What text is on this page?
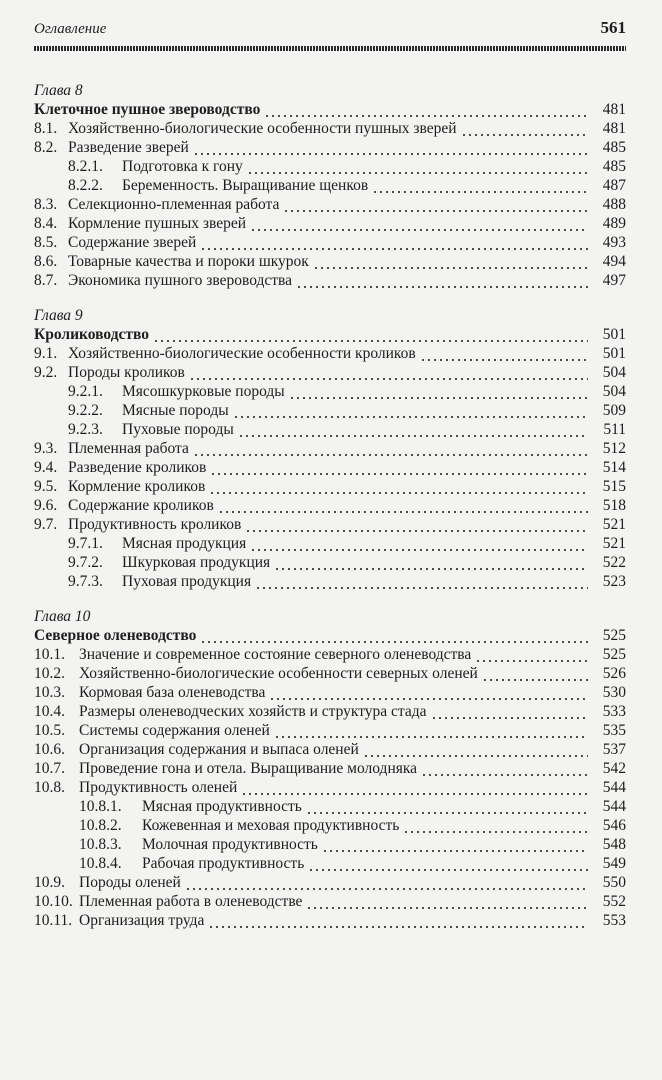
Оглавление	561
Глава 8
Клеточное пушное звероводство	481
8.1. Хозяйственно-биологические особенности пушных зверей	481
8.2. Разведение зверей	485
8.2.1.	Подготовка к гону	485
8.2.2.	Беременность. Выращивание щенков	487
8.3. Селекционно-племенная работа	488
8.4. Кормление пушных зверей	489
8.5. Содержание зверей	493
8.6. Товарные качества и пороки шкурок	494
8.7. Экономика пушного звероводства	497
Глава 9
Кролиководство	501
9.1. Хозяйственно-биологические особенности кроликов	501
9.2. Породы кроликов	504
9.2.1.	Мясошкурковые породы	504
9.2.2.	Мясные породы	509
9.2.3.	Пуховые породы	511
9.3. Племенная работа	512
9.4. Разведение кроликов	514
9.5. Кормление кроликов	515
9.6. Содержание кроликов	518
9.7. Продуктивность кроликов	521
9.7.1.	Мясная продукция	521
9.7.2.	Шкурковая продукция	522
9.7.3.	Пуховая продукция	523
Глава 10
Северное оленеводство	525
10.1. Значение и современное состояние северного оленеводства	525
10.2. Хозяйственно-биологические особенности северных оленей	526
10.3. Кормовая база оленеводства	530
10.4. Размеры оленеводческих хозяйств и структура стада	533
10.5. Системы содержания оленей	535
10.6. Организация содержания и выпаса оленей	537
10.7. Проведение гона и отела. Выращивание молодняка	542
10.8. Продуктивность оленей	544
10.8.1.	Мясная продуктивность	544
10.8.2.	Кожевенная и меховая продуктивность	546
10.8.3.	Молочная продуктивность	548
10.8.4.	Рабочая продуктивность	549
10.9. Породы оленей	550
10.10. Племенная работа в оленеводстве	552
10.11. Организация труда	553
